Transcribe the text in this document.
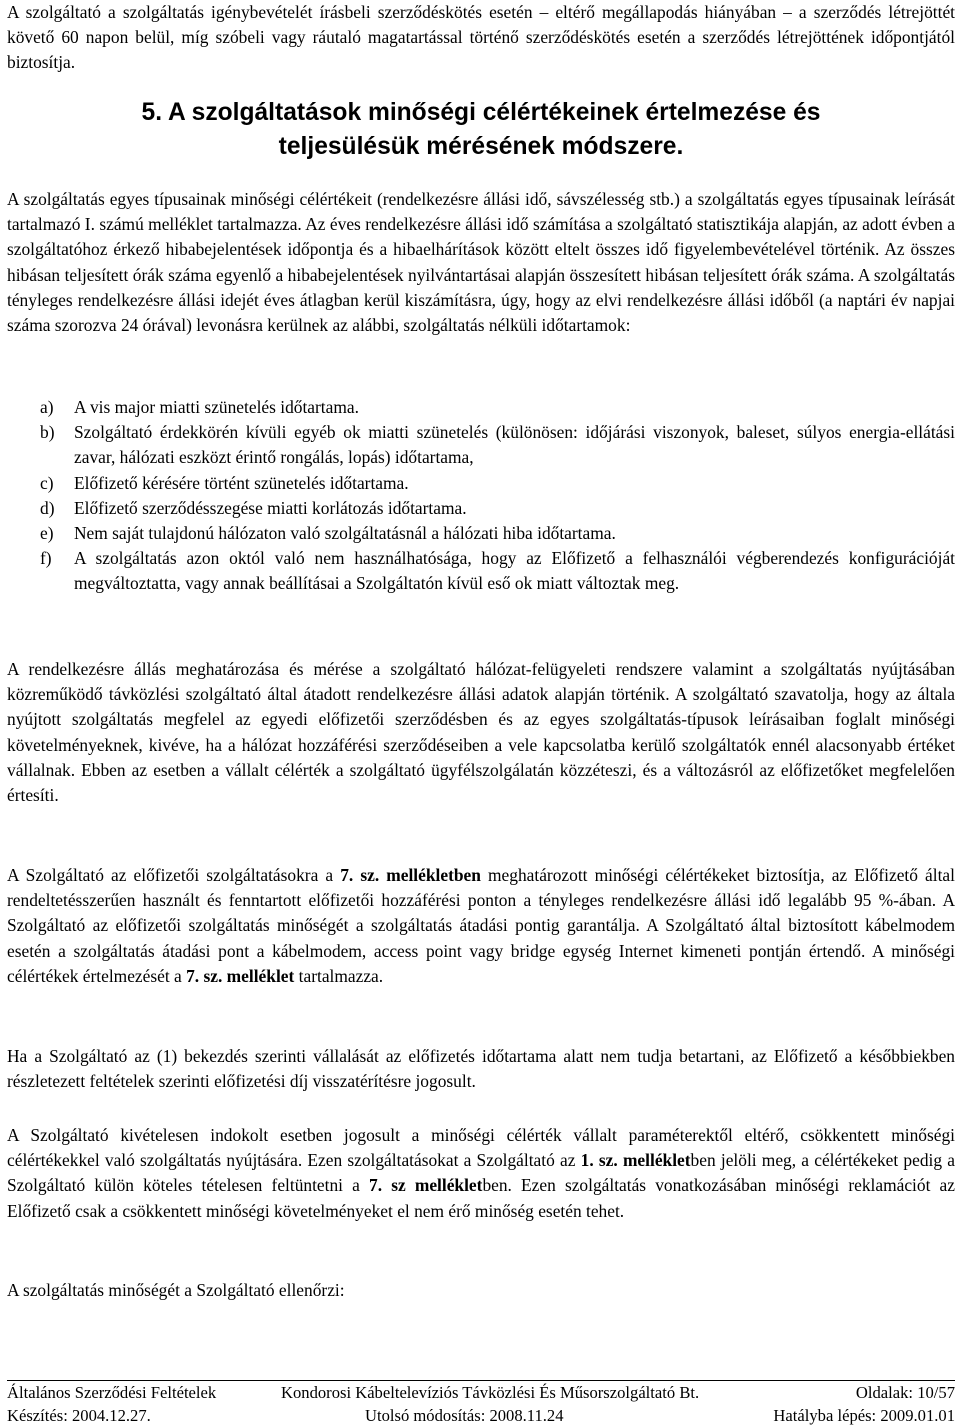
A szolgáltató a szolgáltatás igénybevételét írásbeli szerződéskötés esetén – eltérő megállapodás hiányában – a szerződés létrejöttét követő 60 napon belül, míg szóbeli vagy ráutaló magatartással történő szerződéskötés esetén a szerződés létrejöttének időpontjától biztosítja.

5. A szolgáltatások minőségi célértékeinek értelmezése és
teljesülésük mérésének módszere.

A szolgáltatás egyes típusainak minőségi célértékeit (rendelkezésre állási idő, sávszélesség stb.) a szolgáltatás egyes típusainak leírását tartalmazó I. számú melléklet tartalmazza. Az éves rendelkezésre állási idő számítása a szolgáltató statisztikája alapján, az adott évben a szolgáltatóhoz érkező hibabejelentések időpontja és a hibaelhárítások között eltelt összes idő figyelembevételével történik. Az összes hibásan teljesített órák száma egyenlő a hibabejelentések nyilvántartásai alapján összesített hibásan teljesített órák száma. A szolgáltatás tényleges rendelkezésre állási idejét éves átlagban kerül kiszámításra, úgy, hogy az elvi rendelkezésre állási időből (a naptári év napjai száma szorozva 24 órával) levonásra kerülnek az alábbi, szolgáltatás nélküli időtartamok:

a) A vis major miatti szünetelés időtartama.
b) Szolgáltató érdekkörén kívüli egyéb ok miatti szünetelés (különösen: időjárási viszonyok, baleset, súlyos energia-ellátási zavar, hálózati eszközt érintő rongálás, lopás) időtartama,
c) Előfizető kérésére történt szünetelés időtartama.
d) Előfizető szerződésszegése miatti korlátozás időtartama.
e) Nem saját tulajdonú hálózaton való szolgáltatásnál a hálózati hiba időtartama.
f) A szolgáltatás azon októl való nem használhatósága, hogy az Előfizető a felhasználói végberendezés konfigurációját megváltoztatta, vagy annak beállításai a Szolgáltatón kívül eső ok miatt változtak meg.

A rendelkezésre állás meghatározása és mérése a szolgáltató hálózat-felügyeleti rendszere valamint a szolgáltatás nyújtásában közreműködő távközlési szolgáltató által átadott rendelkezésre állási adatok alapján történik. A szolgáltató szavatolja, hogy az általa nyújtott szolgáltatás megfelel az egyedi előfizetői szerződésben és az egyes szolgáltatás-típusok leírásaiban foglalt minőségi követelményeknek, kivéve, ha a hálózat hozzáférési szerződéseiben a vele kapcsolatba kerülő szolgáltatók ennél alacsonyabb értéket vállalnak. Ebben az esetben a vállalt célérték a szolgáltató ügyfélszolgálatán közzéteszi, és a változásról az előfizetőket megfelelően értesíti.

A Szolgáltató az előfizetői szolgáltatásokra a 7. sz. mellékletben meghatározott minőségi célértékeket biztosítja, az Előfizető által rendeltetésszerűen használt és fenntartott előfizetői hozzáférési ponton a tényleges rendelkezésre állási idő legalább 95 %-ában. A Szolgáltató az előfizetői szolgáltatás minőségét a szolgáltatás átadási pontig garantálja. A Szolgáltató által biztosított kábelmodem esetén a szolgáltatás átadási pont a kábelmodem, access point vagy bridge egység Internet kimeneti pontján értendő. A minőségi célértékek értelmezését a 7. sz. melléklet tartalmazza.

Ha a Szolgáltató az (1) bekezdés szerinti vállalását az előfizetés időtartama alatt nem tudja betartani, az Előfizető a későbbiekben részletezett feltételek szerinti előfizetési díj visszatérítésre jogosult.

A Szolgáltató kivételesen indokolt esetben jogosult a minőségi célérték vállalt paraméterektől eltérő, csökkentett minőségi célértékekkel való szolgáltatás nyújtására. Ezen szolgáltatásokat a Szolgáltató az 1. sz. mellékletben jelöli meg, a célértékeket pedig a Szolgáltató külön köteles tételesen feltüntetni a 7. sz mellékletben. Ezen szolgáltatás vonatkozásában minőségi reklamációt az Előfizető csak a csökkentett minőségi követelményeket el nem érő minőség esetén tehet.

A szolgáltatás minőségét a Szolgáltató ellenőrzi:

Általános Szerződési Feltételek	Kondorosi Kábeltelevíziós Távközlési És Műsorszolgáltató Bt.	Oldalak: 10/57
Készítés: 2004.12.27.	Utolsó módosítás: 2008.11.24	Hatályba lépés: 2009.01.01
